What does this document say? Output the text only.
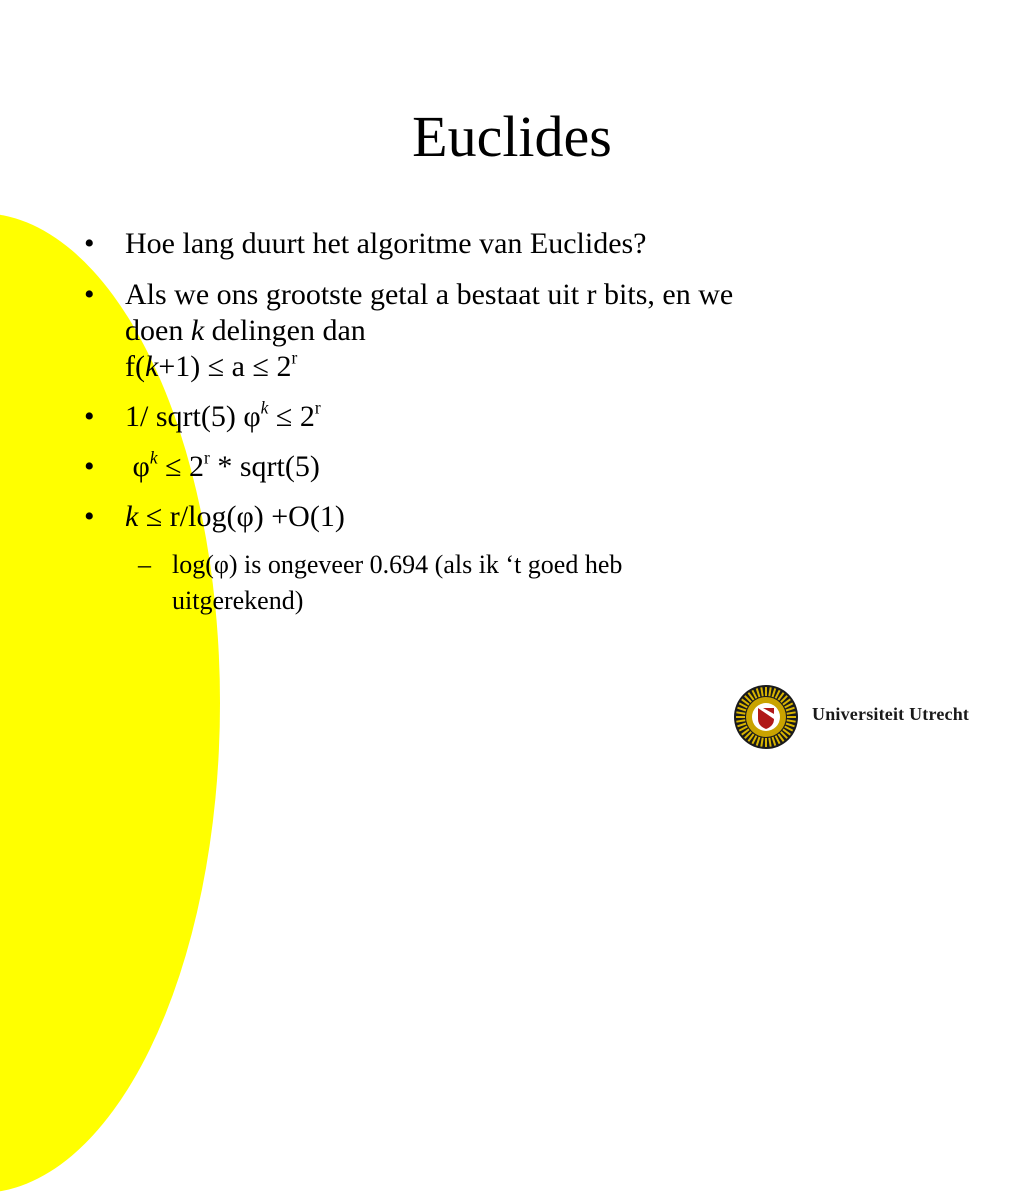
Euclides
• Hoe lang duurt het algoritme van Euclides?
• Als we ons grootste getal a bestaat uit r bits, en we
doen k delingen dan
$f(k+1) \le a \le 2^r$
• 1/ sqrt(5) $\varphi^k \le 2^r$
• $\varphi^k \le 2^r$ * sqrt(5)
• k ≤ r/log(φ) +O(1)
– log(φ) is ongeveer 0.694 (als ik ‘t goed heb
uitgerekend)
Universiteit Utrecht
